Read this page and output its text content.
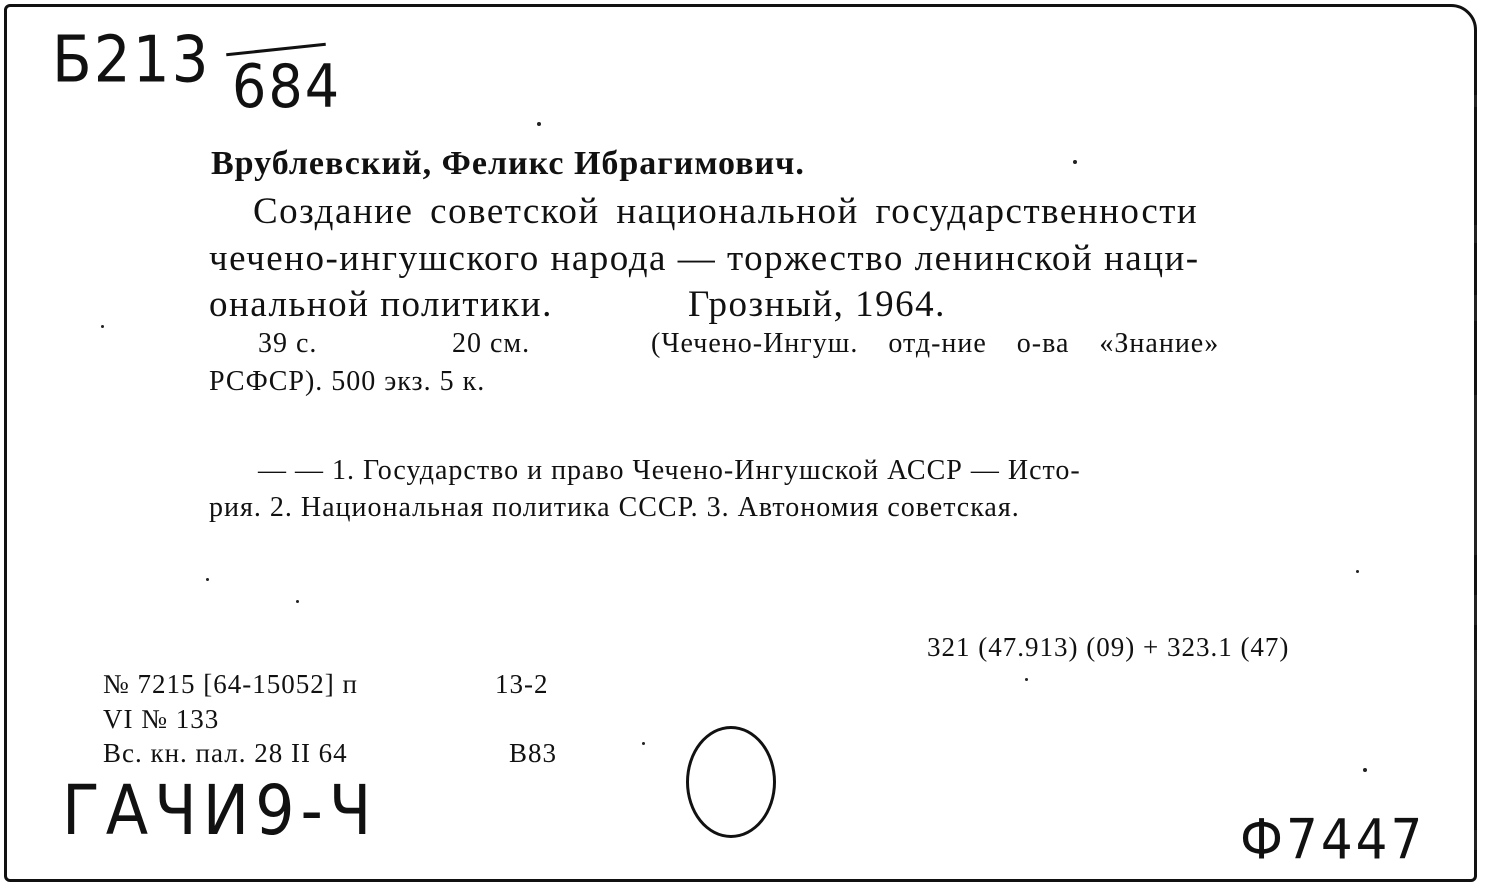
Б213 684
Врублевский, Феликс Ибрагимович.
Создание советской национальной государственности
чечено-ингушского народа — торжество ленинской наци-
ональной политики.	Грозный, 1964.
39 с.	20 см.	(Чечено-Ингуш. отд-ние о-ва «Знание»
РСФСР). 500 экз. 5 к.
— — 1. Государство и право Чечено-Ингушской АССР — Исто-
рия. 2. Национальная политика СССР. 3. Автономия советская.
321 (47.913) (09) + 323.1 (47)
№ 7215 [64-15052] п	13-2
VI № 133
Вс. кн. пал. 28 II 64	В83
ГАЧИ9-Ч	Ф7447
